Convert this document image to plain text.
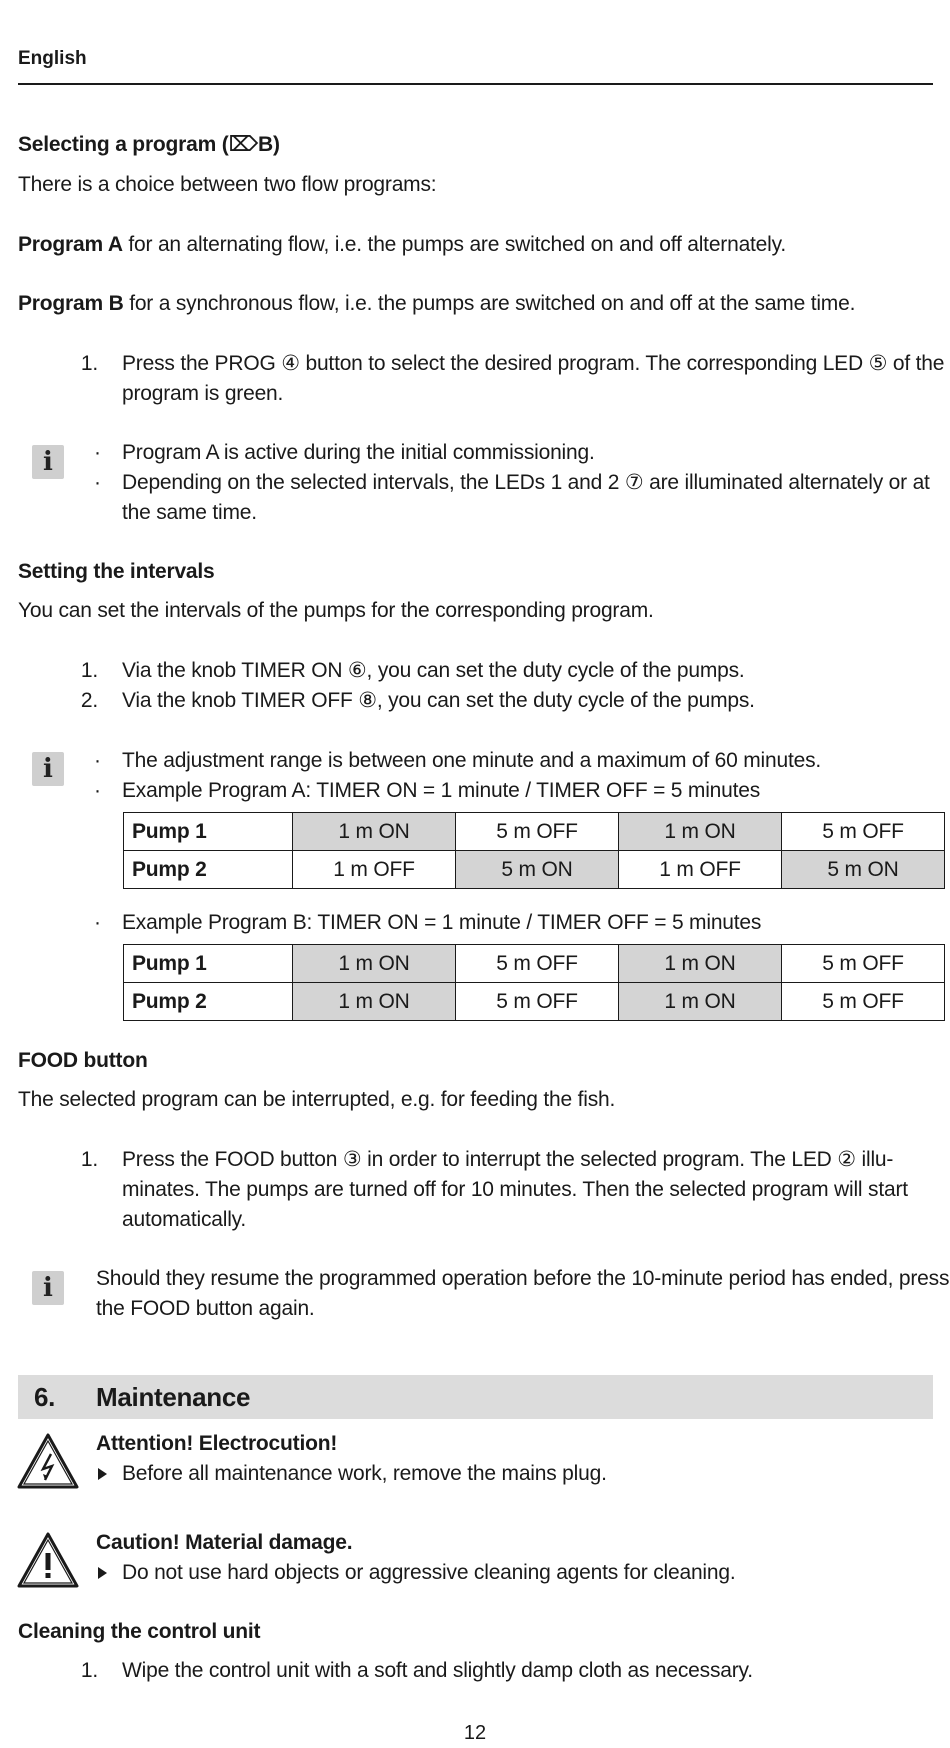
English
Selecting a program (⌦B)
There is a choice between two flow programs:
Program A for an alternating flow, i.e. the pumps are switched on and off alternately.
Program B for a synchronous flow, i.e. the pumps are switched on and off at the same time.
1. Press the PROG ④ button to select the desired program. The corresponding LED ⑤ of the
program is green.
i	· Program A is active during the initial commissioning.
· Depending on the selected intervals, the LEDs 1 and 2 ⑦ are illuminated alternately or at
the same time.
Setting the intervals
You can set the intervals of the pumps for the corresponding program.
1. Via the knob TIMER ON ⑥, you can set the duty cycle of the pumps.
2. Via the knob TIMER OFF ⑧, you can set the duty cycle of the pumps.
i	· The adjustment range is between one minute and a maximum of 60 minutes.
· Example Program A: TIMER ON = 1 minute / TIMER OFF = 5 minutes
Pump 1	1 m ON	5 m OFF	1 m ON	5 m OFF
Pump 2	1 m OFF	5 m ON	1 m OFF	5 m ON
· Example Program B: TIMER ON = 1 minute / TIMER OFF = 5 minutes
Pump 1	1 m ON	5 m OFF	1 m ON	5 m OFF
Pump 2	1 m ON	5 m OFF	1 m ON	5 m OFF
FOOD button
The selected program can be interrupted, e.g. for feeding the fish.
1. Press the FOOD button ③ in order to interrupt the selected program. The LED ② illu-
minates. The pumps are turned off for 10 minutes. Then the selected program will start
automatically.
i	Should they resume the programmed operation before the 10-minute period has ended, press
the FOOD button again.
6. Maintenance
Attention! Electrocution!
Before all maintenance work, remove the mains plug.
Caution! Material damage.
Do not use hard objects or aggressive cleaning agents for cleaning.
Cleaning the control unit
1. Wipe the control unit with a soft and slightly damp cloth as necessary.
12
